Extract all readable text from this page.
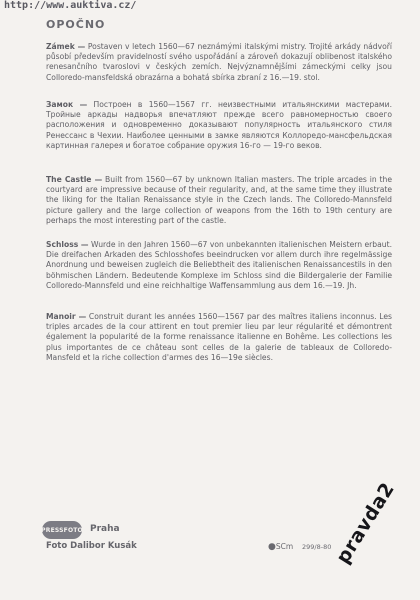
http://www.auktiva.cz/
OPOČNO
Zámek — Postaven v letech 1560—67 neznámými italskými mistry. Trojité arkády nádvoří působí především pravidelností svého uspořádání a zároveň dokazují oblibenost italského renesančního tvaroslovi v českých zemích. Nejvýznamnějšími zámeckými celky jsou Colloredo-mansfeldská obrazárna a bohatá sbírka zbraní z 16.—19. stol.
Замок — Построен в 1560—1567 гг. неизвестными итальянскими мастерами. Тройные аркады надворья впечатляют прежде всего равномерностью своего расположения и одновременно доказывают популярность итальянского стиля Ренессанс в Чехии. Наиболее ценными в замке являются Коллоредо-мансфельдская картинная галерея и богатое собрание оружия 16-го — 19-го веков.
The Castle — Built from 1560—67 by unknown Italian masters. The triple arcades in the courtyard are impressive because of their regularity, and, at the same time they illustrate the liking for the Italian Renaissance style in the Czech lands. The Colloredo-Mannsfeld picture gallery and the large collection of weapons from the 16th to 19th century are perhaps the most interesting part of the castle.
Schloss — Wurde in den Jahren 1560—67 von unbekannten italienischen Meistern erbaut. Die dreifachen Arkaden des Schlosshofes beeindrucken vor allem durch ihre regelmässige Anordnung und beweisen zugleich die Beliebtheit des italienischen Renaissancestils in den böhmischen Ländern. Bedeutende Komplexe im Schloss sind die Bildergalerie der Familie Colloredo-Mannsfeld und eine reichhaltige Waffensammlung aus dem 16.—19. Jh.
Manoir — Construit durant les années 1560—1567 par des maîtres italiens inconnus. Les triples arcades de la cour attirent en tout premier lieu par leur régularité et démontrent également la popularité de la forme renaissance italienne en Bohême. Les collections les plus importantes de ce château sont celles de la galerie de tableaux de Colloredo-Mansfeld et la riche collection d'armes des 16—19e siècles.
PRESSFOTO Praha
Foto Dalibor Kusák	●SCm 299/8-80 pravda2
